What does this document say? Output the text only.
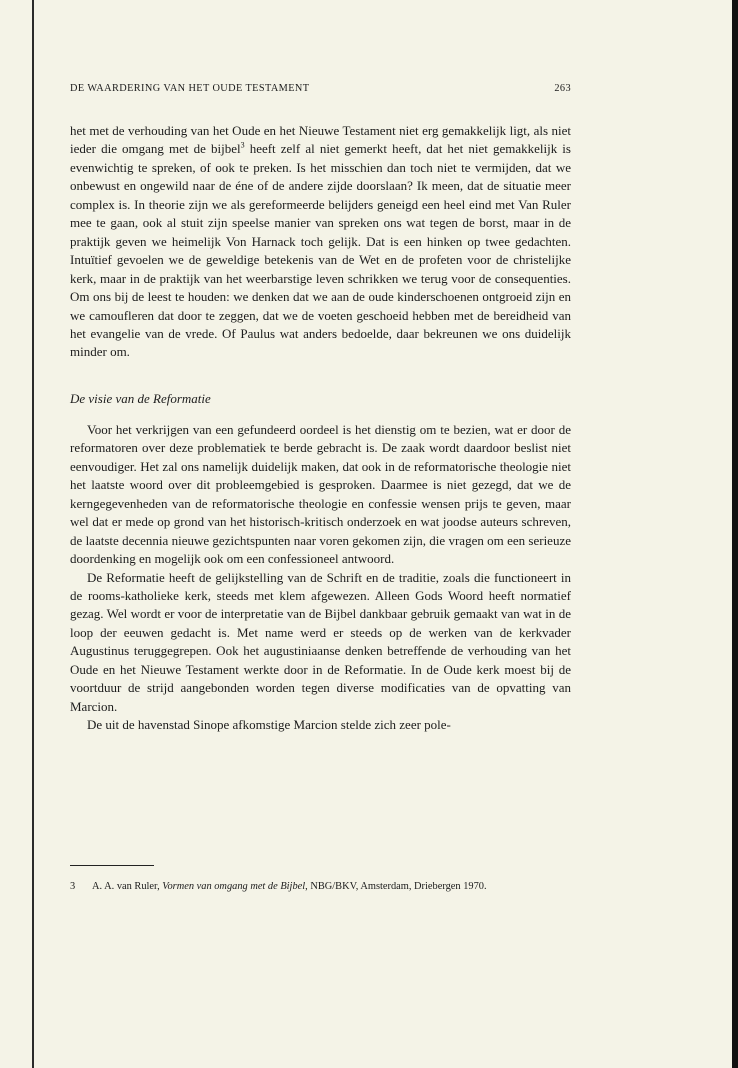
DE WAARDERING VAN HET OUDE TESTAMENT	263

het met de verhouding van het Oude en het Nieuwe Testament niet erg gemakkelijk ligt, als niet ieder die omgang met de bijbel$^3$ heeft zelf al niet gemerkt heeft, dat het niet gemakkelijk is evenwichtig te spreken, of ook te preken. Is het misschien dan toch niet te vermijden, dat we onbewust en ongewild naar de éne of de andere zijde doorslaan? Ik meen, dat de situatie meer complex is. In theorie zijn we als gereformeerde belijders geneigd een heel eind met Van Ruler mee te gaan, ook al stuit zijn speelse manier van spreken ons wat tegen de borst, maar in de praktijk geven we heimelijk Von Harnack toch gelijk. Dat is een hinken op twee gedachten. Intuïtief gevoelen we de geweldige betekenis van de Wet en de profeten voor de christelijke kerk, maar in de praktijk van het weerbarstige leven schrikken we terug voor de consequenties. Om ons bij de leest te houden: we denken dat we aan de oude kinderschoenen ontgroeid zijn en we camoufleren dat door te zeggen, dat we de voeten geschoeid hebben met de bereidheid van het evangelie van de vrede. Of Paulus wat anders bedoelde, daar bekreunen we ons duidelijk minder om.

De visie van de Reformatie

Voor het verkrijgen van een gefundeerd oordeel is het dienstig om te bezien, wat er door de reformatoren over deze problematiek te berde gebracht is. De zaak wordt daardoor beslist niet eenvoudiger. Het zal ons namelijk duidelijk maken, dat ook in de reformatorische theologie niet het laatste woord over dit probleemgebied is gesproken. Daarmee is niet gezegd, dat we de kerngegevenheden van de reformatorische theologie en confessie wensen prijs te geven, maar wel dat er mede op grond van het historisch-kritisch onderzoek en wat joodse auteurs schreven, de laatste decennia nieuwe gezichtspunten naar voren gekomen zijn, die vragen om een serieuze doordenking en mogelijk ook om een confessioneel antwoord.

De Reformatie heeft de gelijkstelling van de Schrift en de traditie, zoals die functioneert in de rooms-katholieke kerk, steeds met klem afgewezen. Alleen Gods Woord heeft normatief gezag. Wel wordt er voor de interpretatie van de Bijbel dankbaar gebruik gemaakt van wat in de loop der eeuwen gedacht is. Met name werd er steeds op de werken van de kerkvader Augustinus teruggegrepen. Ook het augustiniaanse denken betreffende de verhouding van het Oude en het Nieuwe Testament werkte door in de Reformatie. In de Oude kerk moest bij de voortduur de strijd aangebonden worden tegen diverse modificaties van de opvatting van Marcion.

De uit de havenstad Sinope afkomstige Marcion stelde zich zeer pole-

3	A. A. van Ruler, Vormen van omgang met de Bijbel, NBG/BKV, Amsterdam, Driebergen 1970.
